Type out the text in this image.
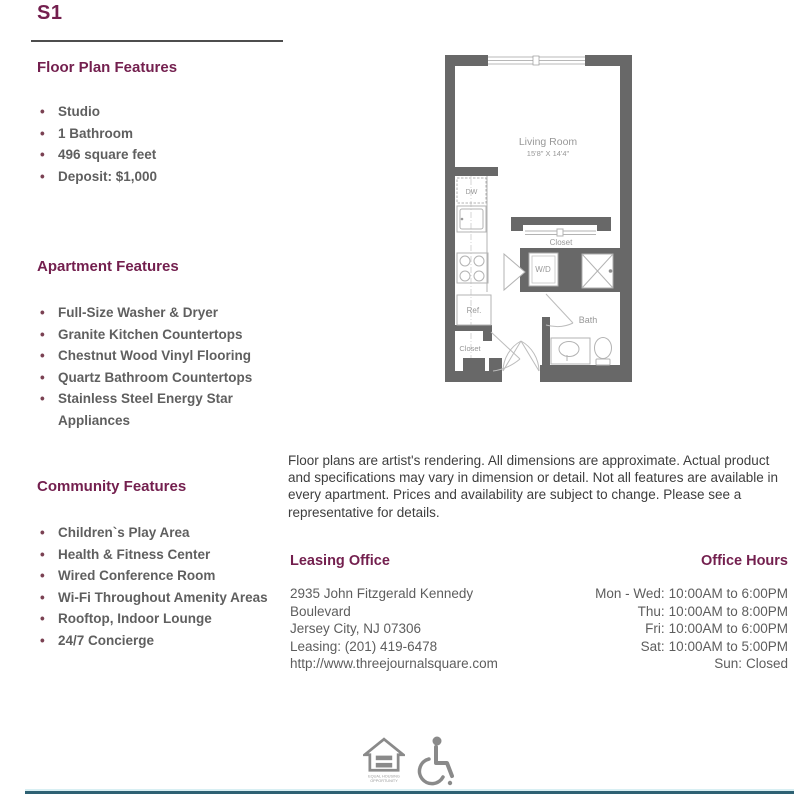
S1
Floor Plan Features
• Studio
• 1 Bathroom
• 496 square feet
• Deposit: $1,000
Apartment Features
• Full-Size Washer & Dryer
• Granite Kitchen Countertops
• Chestnut Wood Vinyl Flooring
• Quartz Bathroom Countertops
• Stainless Steel Energy Star Appliances
Community Features
• Children`s Play Area
• Health & Fitness Center
• Wired Conference Room
• Wi-Fi Throughout Amenity Areas
• Rooftop, Indoor Lounge
• 24/7 Concierge
Living Room
15'8" X 14'4"
Closet
W/D
Bath
Ref.
DW
Closet
Floor plans are artist's rendering. All dimensions are approximate. Actual product and specifications may vary in dimension or detail. Not all features are available in every apartment. Prices and availability are subject to change. Please see a representative for details.
Leasing Office	Office Hours
2935 John Fitzgerald Kennedy Boulevard
Jersey City, NJ 07306
Leasing: (201) 419-6478
http://www.threejournalsquare.com
Mon - Wed: 10:00AM to 6:00PM
Thu: 10:00AM to 8:00PM
Fri: 10:00AM to 6:00PM
Sat: 10:00AM to 5:00PM
Sun: Closed
EQUAL HOUSING
OPPORTUNITY
